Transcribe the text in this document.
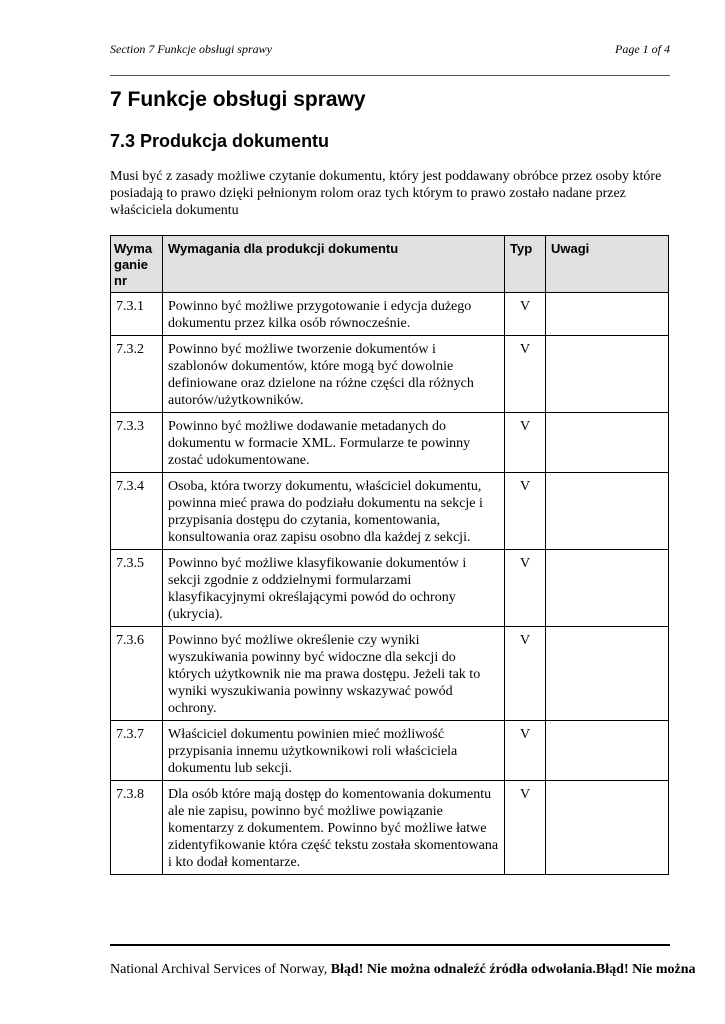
Section 7 Funkcje obsługi sprawy	Page 1 of 4
7 Funkcje obsługi sprawy
7.3 Produkcja dokumentu

Musi być z zasady możliwe czytanie dokumentu, który jest poddawany obróbce przez osoby które posiadają to prawo dzięki pełnionym rolom oraz tych którym to prawo zostało nadane przez właściciela dokumentu

Wyma
ganie
nr	Wymagania dla produkcji dokumentu	Typ	Uwagi
7.3.1	Powinno być możliwe przygotowanie i edycja dużego dokumentu przez kilka osób równocześnie.	V	
7.3.2	Powinno być możliwe tworzenie dokumentów i szablonów dokumentów, które mogą być dowolnie definiowane oraz dzielone na różne części dla różnych autorów/użytkowników.	V	
7.3.3	Powinno być możliwe dodawanie metadanych do dokumentu w formacie XML. Formularze te powinny zostać udokumentowane.	V	
7.3.4	Osoba, która tworzy dokumentu, właściciel dokumentu, powinna mieć prawa do podziału dokumentu na sekcje i przypisania dostępu do czytania, komentowania, konsultowania oraz zapisu osobno dla każdej z sekcji.	V	
7.3.5	Powinno być możliwe klasyfikowanie dokumentów i sekcji zgodnie z oddzielnymi formularzami klasyfikacyjnymi określającymi powód do ochrony (ukrycia).	V	
7.3.6	Powinno być możliwe określenie czy wyniki wyszukiwania powinny być widoczne dla sekcji do których użytkownik nie ma prawa dostępu. Jeżeli tak to wyniki wyszukiwania powinny wskazywać powód ochrony.	V	
7.3.7	Właściciel dokumentu powinien mieć możliwość przypisania innemu użytkownikowi roli właściciela dokumentu lub sekcji.	V	
7.3.8	Dla osób które mają dostęp do komentowania dokumentu ale nie zapisu, powinno być możliwe powiązanie komentarzy z dokumentem. Powinno być możliwe łatwe zidentyfikowanie która część tekstu została skomentowana i kto dodał komentarze.	V	
National Archival Services of Norway, Błąd! Nie można odnaleźć źródła odwołania.Błąd! Nie można
